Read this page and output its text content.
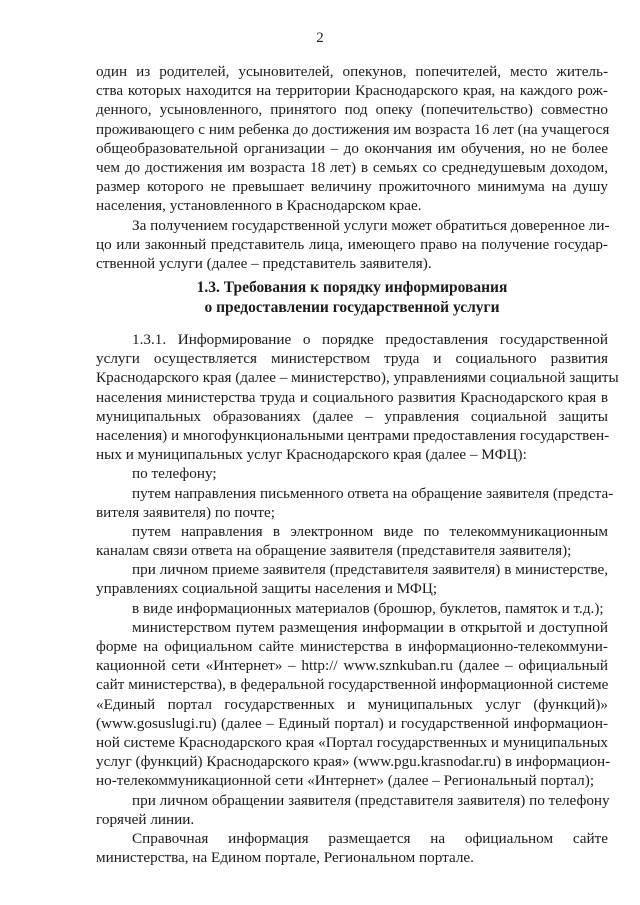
2
один из родителей, усыновителей, опекунов, попечителей, место житель-
ства которых находится на территории Краснодарского края, на каждого рож-
денного, усыновленного, принятого под опеку (попечительство) совместно
проживающего с ним ребенка до достижения им возраста 16 лет (на учащегося
общеобразовательной организации – до окончания им обучения, но не более
чем до достижения им возраста 18 лет) в семьях со среднедушевым доходом,
размер которого не превышает величину прожиточного минимума на душу
населения, установленного в Краснодарском крае.
За получением государственной услуги может обратиться доверенное ли-
цо или законный представитель лица, имеющего право на получение государ-
ственной услуги (далее – представитель заявителя).
1.3. Требования к порядку информирования
о предоставлении государственной услуги
1.3.1. Информирование о порядке предоставления государственной
услуги осуществляется министерством труда и социального развития
Краснодарского края (далее – министерство), управлениями социальной защиты
населения министерства труда и социального развития Краснодарского края в
муниципальных образованиях (далее – управления социальной защиты
населения) и многофункциональными центрами предоставления государствен-
ных и муниципальных услуг Краснодарского края (далее – МФЦ):
по телефону;
путем направления письменного ответа на обращение заявителя (предста-
вителя заявителя) по почте;
путем направления в электронном виде по телекоммуникационным
каналам связи ответа на обращение заявителя (представителя заявителя);
при личном приеме заявителя (представителя заявителя) в министерстве,
управлениях социальной защиты населения и МФЦ;
в виде информационных материалов (брошюр, буклетов, памяток и т.д.);
министерством путем размещения информации в открытой и доступной
форме на официальном сайте министерства в информационно-телекоммуни-
кационной сети «Интернет» – http:// www.sznkuban.ru (далее – официальный
сайт министерства), в федеральной государственной информационной системе
«Единый портал государственных и муниципальных услуг (функций)»
(www.gosuslugi.ru) (далее – Единый портал) и государственной информацион-
ной системе Краснодарского края «Портал государственных и муниципальных
услуг (функций) Краснодарского края» (www.pgu.krasnodar.ru) в информацион-
но-телекоммуникационной сети «Интернет» (далее – Региональный портал);
при личном обращении заявителя (представителя заявителя) по телефону
горячей линии.
Справочная информация размещается на официальном сайте
министерства, на Едином портале, Региональном портале.
